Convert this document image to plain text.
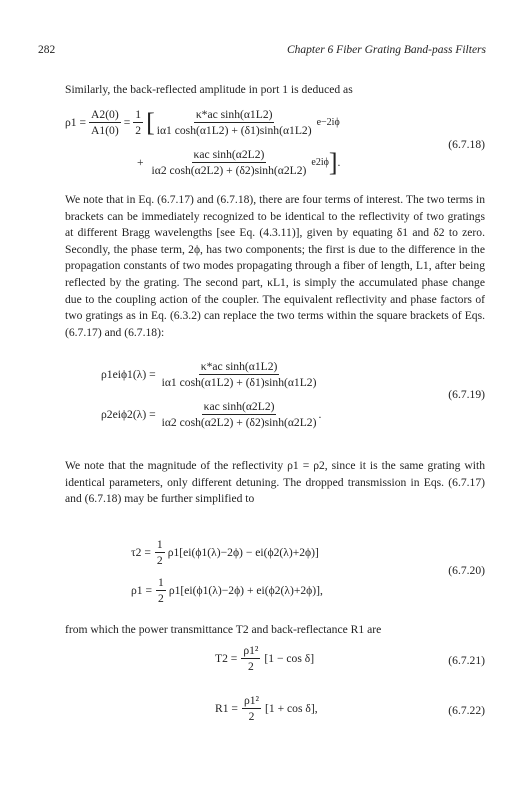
282	Chapter 6 Fiber Grating Band-pass Filters

Similarly, the back-reflected amplitude in port 1 is deduced as

$\rho 1 = \frac{A2(0)}{A1(0)} = \frac{1}{2}$ [ $\frac{\text{κ*ac sinh(α1L2)}}{i\alpha 1 \cosh(\alpha 1L2) + (\delta 1)\sinh(\alpha 1L2)} e-2i\phi$
+ $\frac{\text{κac sinh(α2L2)}}{i\alpha 2 \cosh(\alpha 2L2) + (\delta 2)\sinh(\alpha 2L2)} e2i\phi$ ] .
(6.7.18)

We note that in Eq. (6.7.17) and (6.7.18), there are four terms of interest. The two terms in brackets can be immediately recognized to be identical to the reflectivity of two gratings at different Bragg wavelengths [see Eq. (4.3.11)], given by equating δ1 and δ2 to zero. Secondly, the phase term, 2ϕ, has two components; the first is due to the difference in the propagation constants of two modes propagating through a fiber of length, L1, after being reflected by the grating. The second part, κL1, is simply the accumulated phase change due to the coupling action of the coupler. The equivalent reflectivity and phase factors of two gratings as in Eq. (6.3.2) can replace the two terms within the square brackets of Eqs. (6.7.17) and (6.7.18):

$\rho 1ei\phi 1(\lambda) = \frac{\text{κ*ac sinh(α1L2)}}{i\alpha 1 \cosh(\alpha 1L2) + (\delta 1)\sinh(\alpha 1L2)}$
$\rho 2ei\phi 2(\lambda) = \frac{\text{κac sinh(α2L2)}}{i\alpha 2 \cosh(\alpha 2L2) + (\delta 2)\sinh(\alpha 2L2)}$ .
(6.7.19)

We note that the magnitude of the reflectivity ρ1 = ρ2, since it is the same grating with identical parameters, only different detuning. The dropped transmission in Eqs. (6.7.17) and (6.7.18) may be further simplified to

$\tau 2 = \frac{1}{2} \rho 1[ei(\phi 1(\lambda)-2\phi) - ei(\phi 2(\lambda)+2\phi)]$
$\rho 1 = \frac{1}{2} \rho 1[ei(\phi 1(\lambda)-2\phi) + ei(\phi 2(\lambda)+2\phi)]$,
(6.7.20)

from which the power transmittance T2 and back-reflectance R1 are

$T2 = \frac{\text{ρ1²}}{2} [1 - \cos \delta]$	(6.7.21)
$R1 = \frac{\text{ρ1²}}{2} [1 + \cos \delta]$,	(6.7.22)
